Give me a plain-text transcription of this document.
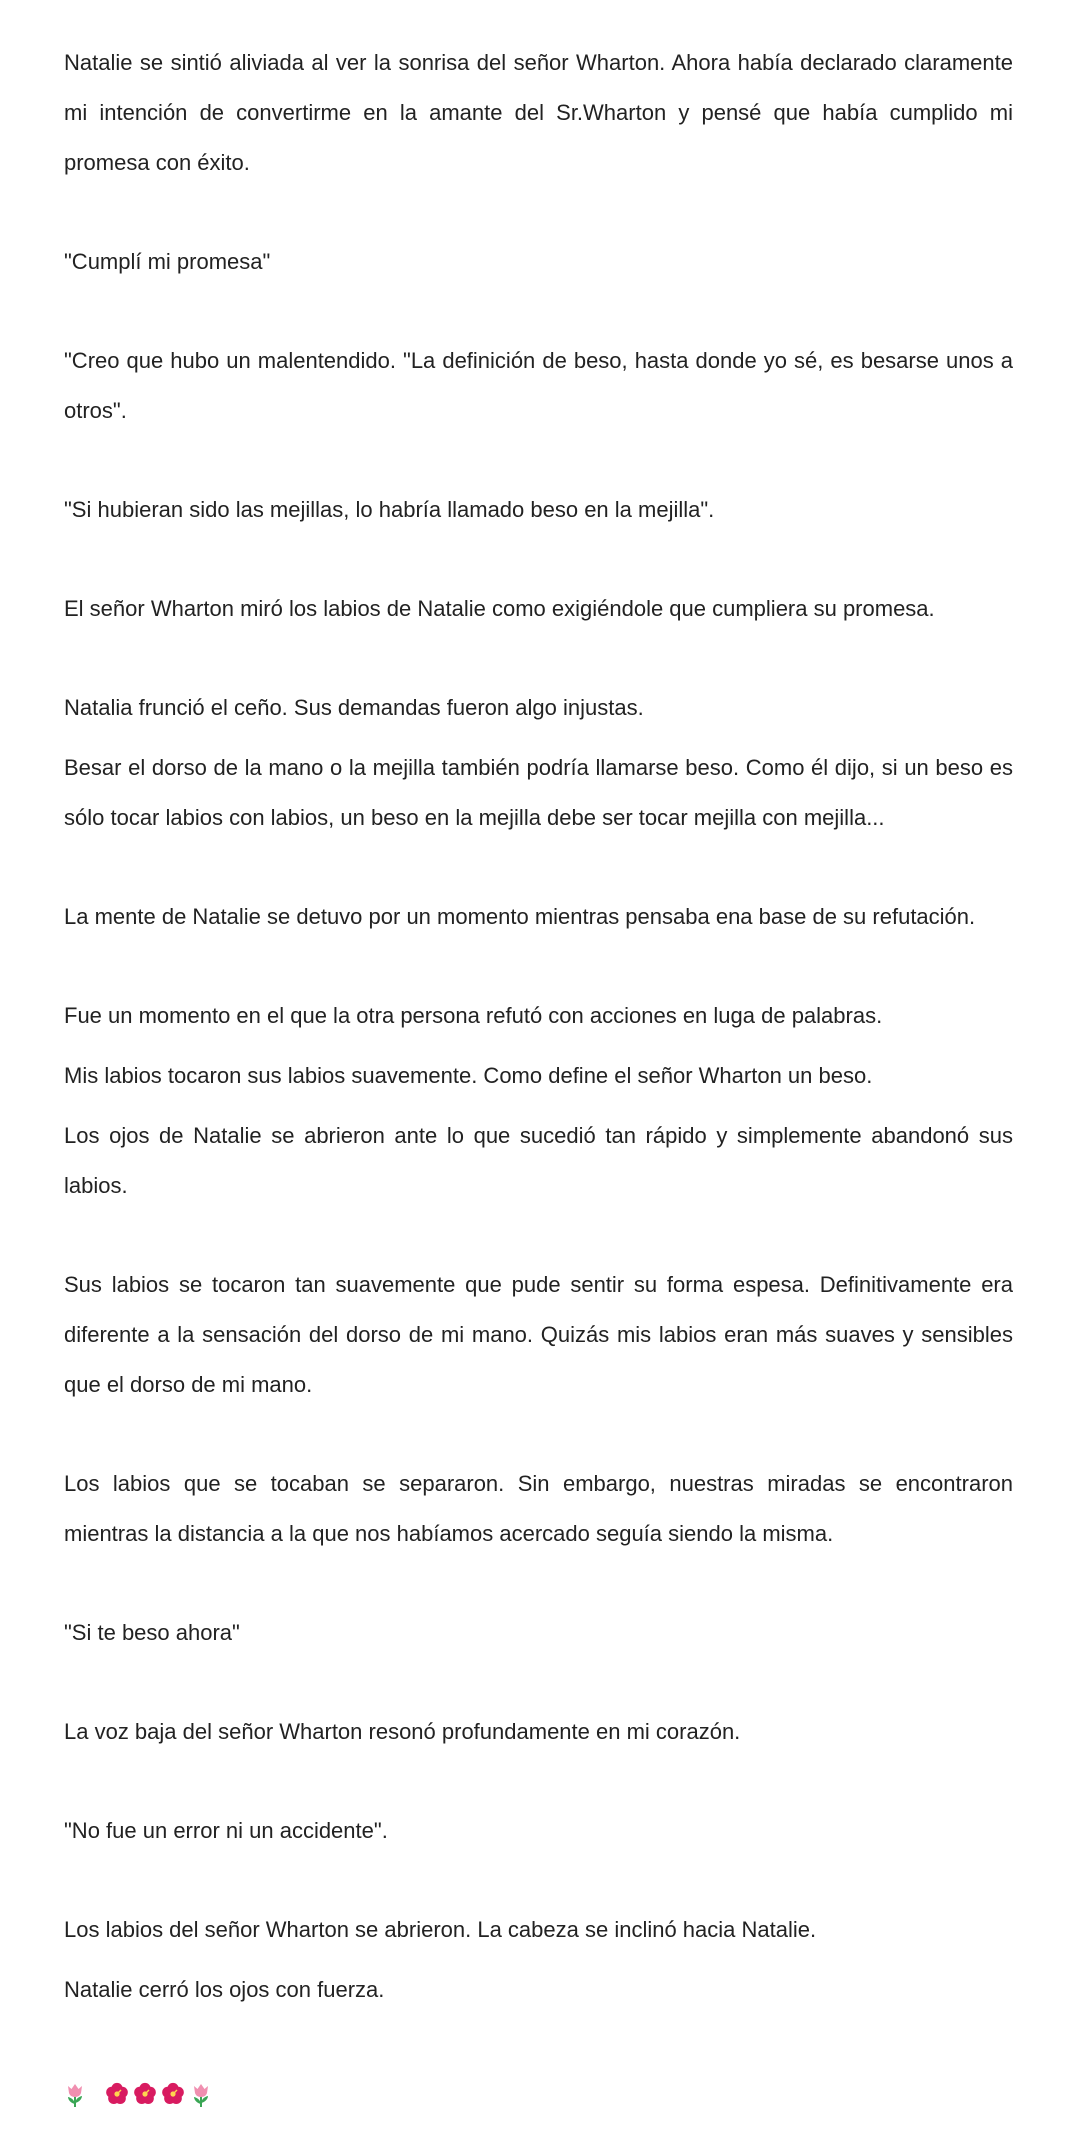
Natalie se sintió aliviada al ver la sonrisa del señor Wharton. Ahora había declarado claramente mi intención de convertirme en la amante del Sr.Wharton y pensé que había cumplido mi promesa con éxito.

"Cumplí mi promesa"

"Creo que hubo un malentendido. "La definición de beso, hasta donde yo sé, es besarse unos a otros".

"Si hubieran sido las mejillas, lo habría llamado beso en la mejilla".

El señor Wharton miró los labios de Natalie como exigiéndole que cumpliera su promesa.

Natalia frunció el ceño. Sus demandas fueron algo injustas.

Besar el dorso de la mano o la mejilla también podría llamarse beso. Como él dijo, si un beso es sólo tocar labios con labios, un beso en la mejilla debe ser tocar mejilla con mejilla...

La mente de Natalie se detuvo por un momento mientras pensaba ena base de su refutación.

Fue un momento en el que la otra persona refutó con acciones en luga de palabras.

Mis labios tocaron sus labios suavemente. Como define el señor Wharton un beso.

Los ojos de Natalie se abrieron ante lo que sucedió tan rápido y simplemente abandonó sus labios.

Sus labios se tocaron tan suavemente que pude sentir su forma espesa. Definitivamente era diferente a la sensación del dorso de mi mano. Quizás mis labios eran más suaves y sensibles que el dorso de mi mano.

Los labios que se tocaban se separaron. Sin embargo, nuestras miradas se encontraron mientras la distancia a la que nos habíamos acercado seguía siendo la misma.

"Si te beso ahora"

La voz baja del señor Wharton resonó profundamente en mi corazón.

"No fue un error ni un accidente".

Los labios del señor Wharton se abrieron. La cabeza se inclinó hacia Natalie.

Natalie cerró los ojos con fuerza.
